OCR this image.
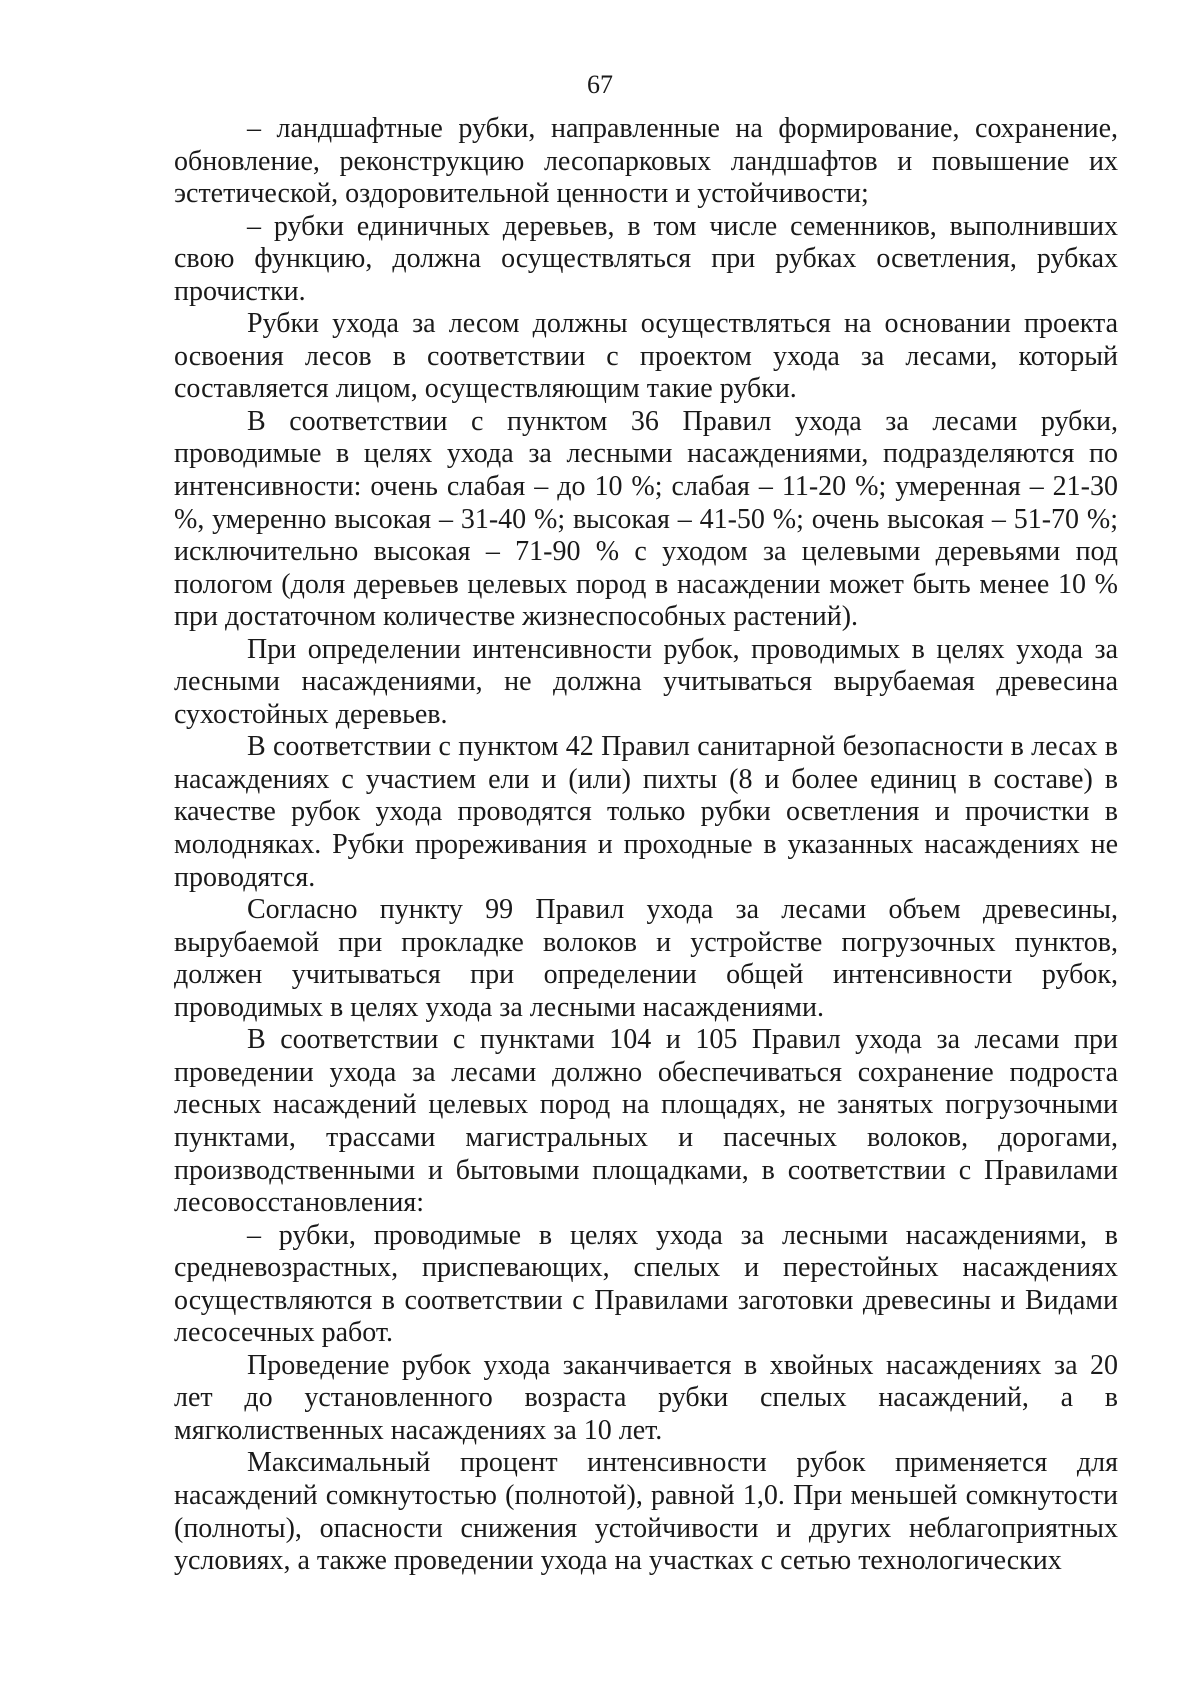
67

– ландшафтные рубки, направленные на формирование, сохранение, обновление, реконструкцию лесопарковых ландшафтов и повышение их эстетической, оздоровительной ценности и устойчивости;

– рубки единичных деревьев, в том числе семенников, выполнивших свою функцию, должна осуществляться при рубках осветления, рубках прочистки.

Рубки ухода за лесом должны осуществляться на основании проекта освоения лесов в соответствии с проектом ухода за лесами, который составляется лицом, осуществляющим такие рубки.

В соответствии с пунктом 36 Правил ухода за лесами рубки, проводимые в целях ухода за лесными насаждениями, подразделяются по интенсивности: очень слабая – до 10 %; слабая – 11-20 %; умеренная – 21-30 %, умеренно высокая – 31-40 %; высокая – 41-50 %; очень высокая – 51-70 %; исключительно высокая – 71-90 % с уходом за целевыми деревьями под пологом (доля деревьев целевых пород в насаждении может быть менее 10 % при достаточном количестве жизнеспособных растений).

При определении интенсивности рубок, проводимых в целях ухода за лесными насаждениями, не должна учитываться вырубаемая древесина сухостойных деревьев.

В соответствии с пунктом 42 Правил санитарной безопасности в лесах в насаждениях с участием ели и (или) пихты (8 и более единиц в составе) в качестве рубок ухода проводятся только рубки осветления и прочистки в молодняках. Рубки прореживания и проходные в указанных насаждениях не проводятся.

Согласно пункту 99 Правил ухода за лесами объем древесины, вырубаемой при прокладке волоков и устройстве погрузочных пунктов, должен учитываться при определении общей интенсивности рубок, проводимых в целях ухода за лесными насаждениями.

В соответствии с пунктами 104 и 105 Правил ухода за лесами при проведении ухода за лесами должно обеспечиваться сохранение подроста лесных насаждений целевых пород на площадях, не занятых погрузочными пунктами, трассами магистральных и пасечных волоков, дорогами, производственными и бытовыми площадками, в соответствии с Правилами лесовосстановления:

– рубки, проводимые в целях ухода за лесными насаждениями, в средневозрастных, приспевающих, спелых и перестойных насаждениях осуществляются в соответствии с Правилами заготовки древесины и Видами лесосечных работ.

Проведение рубок ухода заканчивается в хвойных насаждениях за 20 лет до установленного возраста рубки спелых насаждений, а в мягколиственных насаждениях за 10 лет.

Максимальный процент интенсивности рубок применяется для насаждений сомкнутостью (полнотой), равной 1,0. При меньшей сомкнутости (полноты), опасности снижения устойчивости и других неблагоприятных условиях, а также проведении ухода на участках с сетью технологических
